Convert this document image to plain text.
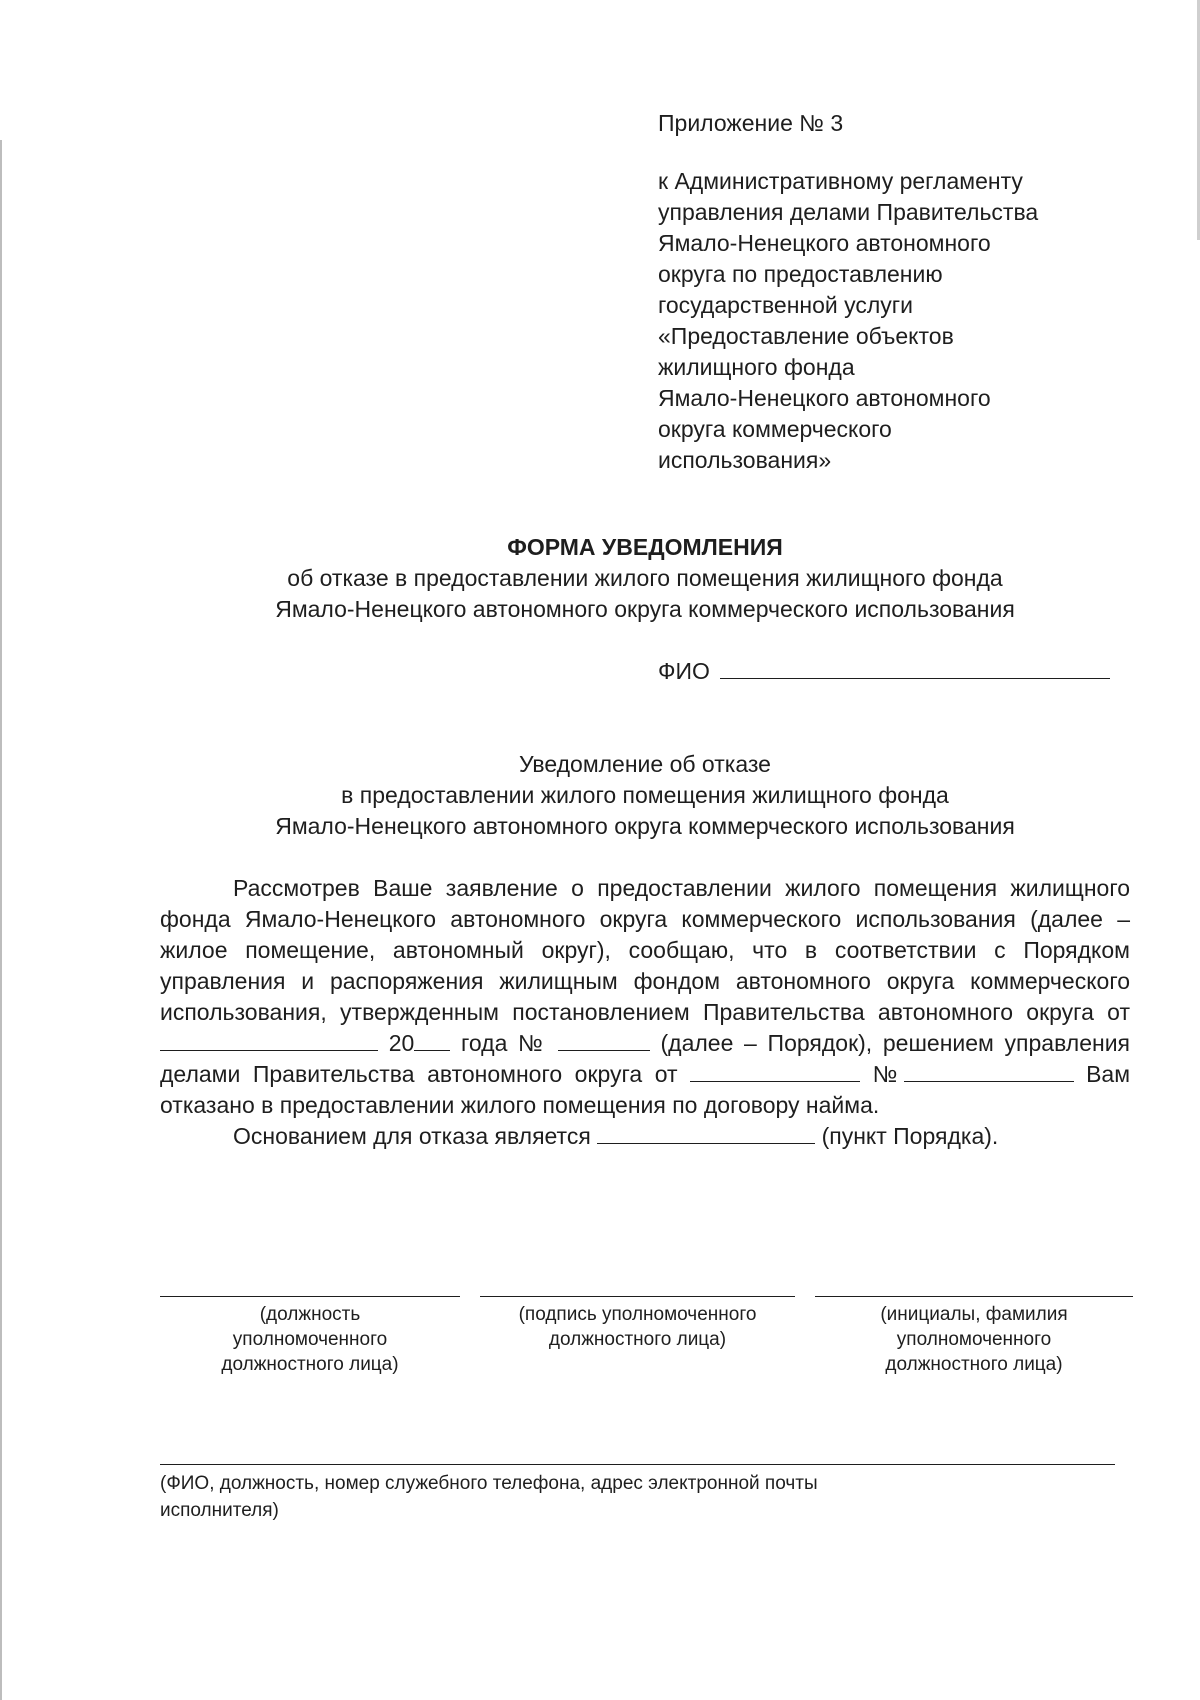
Приложение № 3

к Административному регламенту

управления делами Правительства

Ямало-Ненецкого автономного

округа по предоставлению

государственной услуги

«Предоставление объектов

жилищного фонда

Ямало-Ненецкого автономного

округа коммерческого

использования»

ФОРМА УВЕДОМЛЕНИЯ

об отказе в предоставлении жилого помещения жилищного фонда

Ямало-Ненецкого автономного округа коммерческого использования

ФИО

Уведомление об отказе

в предоставлении жилого помещения жилищного фонда

Ямало-Ненецкого автономного округа коммерческого использования

Рассмотрев Ваше заявление о предоставлении жилого помещения жилищного фонда Ямало-Ненецкого автономного округа коммерческого использования (далее – жилое помещение, автономный округ), сообщаю, что в соответствии с Порядком управления и распоряжения жилищным фондом автономного округа коммерческого использования, утвержденным постановлением Правительства автономного округа от  20 года №	(далее – Порядок), решением управления делами Правительства автономного округа от	№	Вам отказано в предоставлении жилого помещения по договору найма.

Основанием для отказа является	(пункт Порядка).

(должность

уполномоченного

должностного лица)

(подпись уполномоченного

должностного лица)

(инициалы, фамилия

уполномоченного

должностного лица)

(ФИО, должность, номер служебного телефона, адрес электронной почты

исполнителя)
